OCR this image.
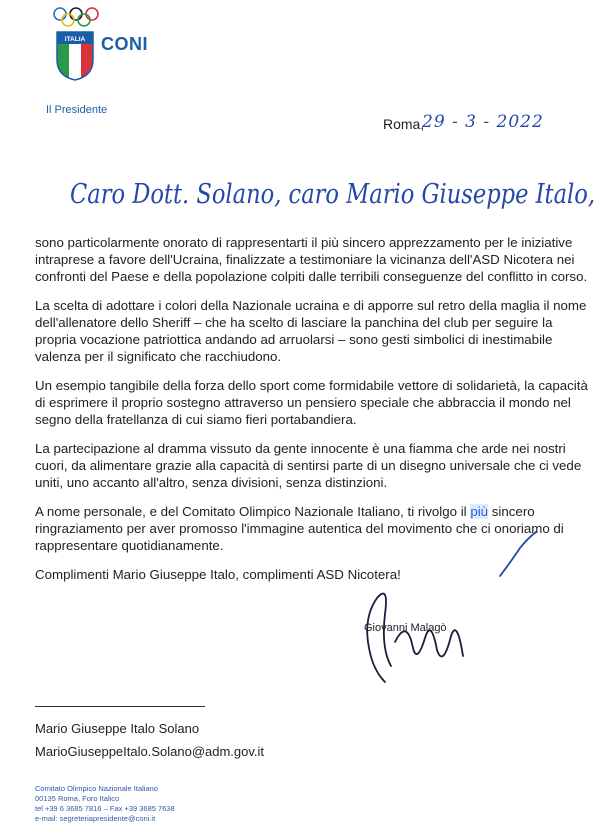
ITALIA CONI
Il Presidente
Roma,
29 - 3 - 2022
Caro Dott. Solano, caro Mario Giuseppe Italo,

sono particolarmente onorato di rappresentarti il più sincero apprezzamento per le iniziative intraprese a favore dell'Ucraina, finalizzate a testimoniare la vicinanza dell'ASD Nicotera nei confronti del Paese e della popolazione colpiti dalle terribili conseguenze del conflitto in corso.

La scelta di adottare i colori della Nazionale ucraina e di apporre sul retro della maglia il nome dell'allenatore dello Sheriff – che ha scelto di lasciare la panchina del club per seguire la propria vocazione patriottica andando ad arruolarsi – sono gesti simbolici di inestimabile valenza per il significato che racchiudono.

Un esempio tangibile della forza dello sport come formidabile vettore di solidarietà, la capacità di esprimere il proprio sostegno attraverso un pensiero speciale che abbraccia il mondo nel segno della fratellanza di cui siamo fieri portabandiera.

La partecipazione al dramma vissuto da gente innocente è una fiamma che arde nei nostri cuori, da alimentare grazie alla capacità di sentirsi parte di un disegno universale che ci vede uniti, uno accanto all'altro, senza divisioni, senza distinzioni.

A nome personale, e del Comitato Olimpico Nazionale Italiano, ti rivolgo il più sincero ringraziamento per aver promosso l'immagine autentica del movimento che ci onoriamo di rappresentare quotidianamente.

Complimenti Mario Giuseppe Italo, complimenti ASD Nicotera!

Giovanni Malagò
Mario Giuseppe Italo Solano
MarioGiuseppeItalo.Solano@adm.gov.it
Comitato Olimpico Nazionale Italiano
00135 Roma, Foro Italico
tel +39 6 3685 7816 – Fax +39 3685 7638
e-mail: segreteriapresidente@coni.it
